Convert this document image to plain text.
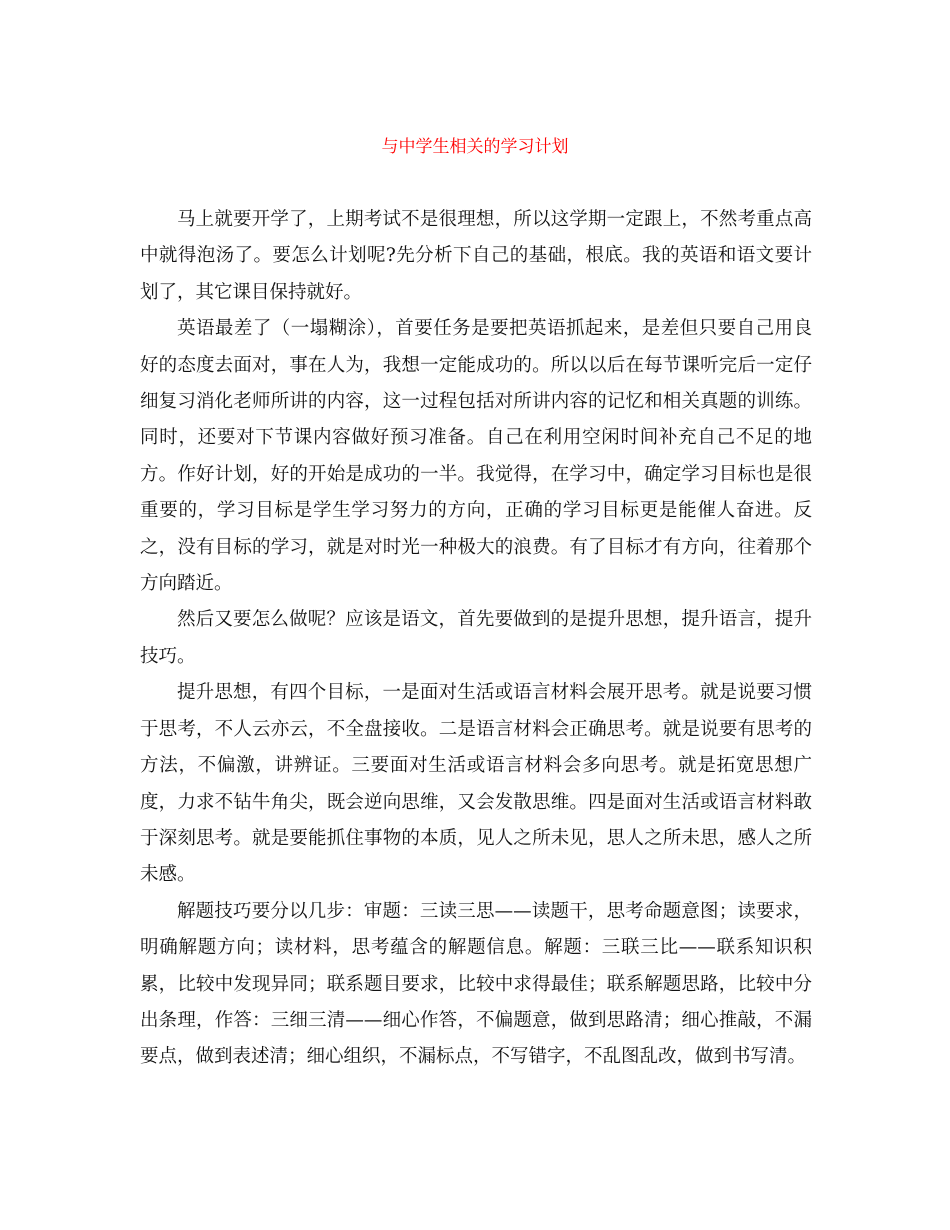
与中学生相关的学习计划

马上就要开学了，上期考试不是很理想，所以这学期一定跟上，不然考重点高中就得泡汤了。要怎么计划呢?先分析下自己的基础，根底。我的英语和语文要计划了，其它课目保持就好。

英语最差了（一塌糊涂），首要任务是要把英语抓起来，是差但只要自己用良好的态度去面对，事在人为，我想一定能成功的。所以以后在每节课听完后一定仔细复习消化老师所讲的内容，这一过程包括对所讲内容的记忆和相关真题的训练。同时，还要对下节课内容做好预习准备。自己在利用空闲时间补充自己不足的地方。作好计划，好的开始是成功的一半。我觉得，在学习中，确定学习目标也是很重要的，学习目标是学生学习努力的方向，正确的学习目标更是能催人奋进。反之，没有目标的学习，就是对时光一种极大的浪费。有了目标才有方向，往着那个方向踏近。

然后又要怎么做呢？应该是语文，首先要做到的是提升思想，提升语言，提升技巧。

提升思想，有四个目标，一是面对生活或语言材料会展开思考。就是说要习惯于思考，不人云亦云，不全盘接收。二是语言材料会正确思考。就是说要有思考的方法，不偏激，讲辨证。三要面对生活或语言材料会多向思考。就是拓宽思想广度，力求不钻牛角尖，既会逆向思维，又会发散思维。四是面对生活或语言材料敢于深刻思考。就是要能抓住事物的本质，见人之所未见，思人之所未思，感人之所未感。

解题技巧要分以几步：审题：三读三思——读题干，思考命题意图；读要求，明确解题方向；读材料，思考蕴含的解题信息。解题：三联三比——联系知识积累，比较中发现异同；联系题目要求，比较中求得最佳；联系解题思路，比较中分出条理，作答：三细三清——细心作答，不偏题意，做到思路清；细心推敲，不漏要点，做到表述清；细心组织，不漏标点，不写错字，不乱图乱改，做到书写清。
